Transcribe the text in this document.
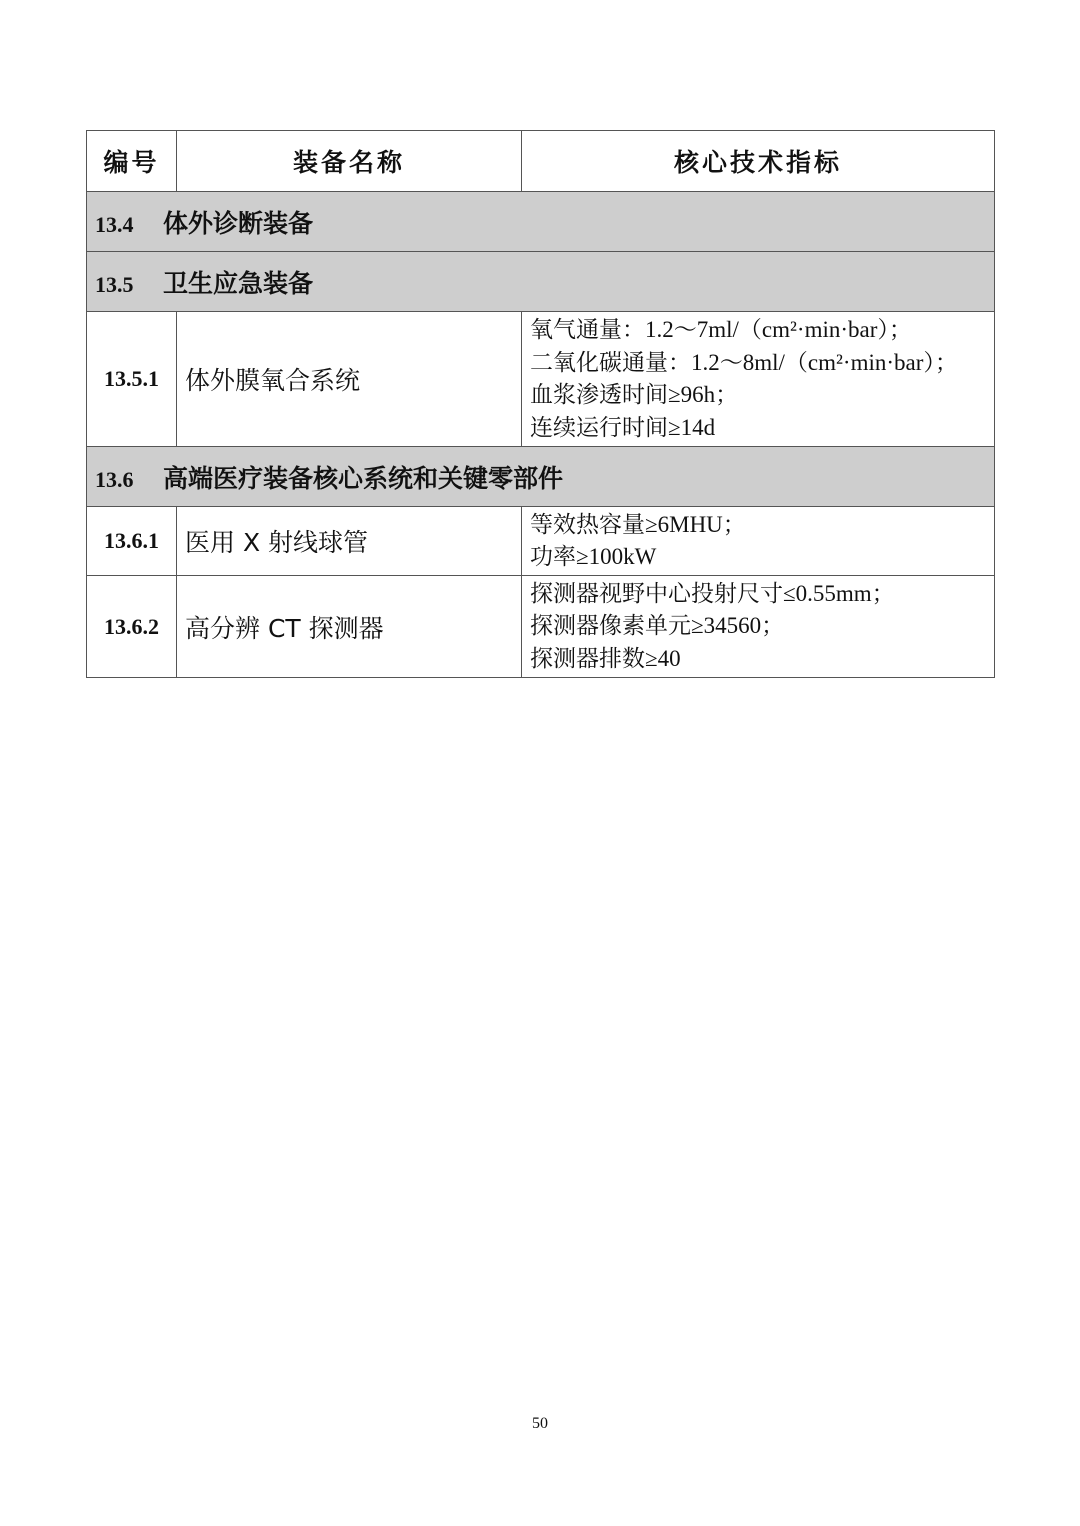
编号	装备名称	核心技术指标
13.4 体外诊断装备		
13.5 卫生应急装备		
13.5.1	体外膜氧合系统	氧气通量：1.2～7ml/（cm²·min·bar）；
二氧化碳通量：1.2～8ml/（cm²·min·bar）；
血浆渗透时间≥96h；
连续运行时间≥14d

13.6 高端医疗装备核心系统和关键零部件		
13.6.1	医用 X 射线球管	等效热容量≥6MHU；
功率≥100kW

13.6.2	高分辨 CT 探测器	探测器视野中心投射尺寸≤0.55mm；
探测器像素单元≥34560；
探测器排数≥40
50
